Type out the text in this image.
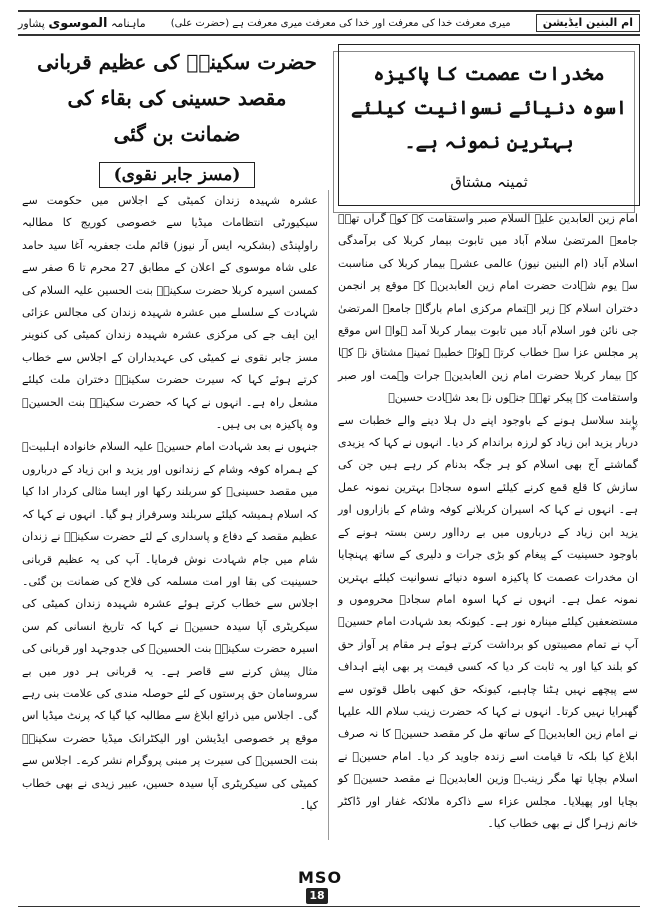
ام البنین ایڈیشن
میری معرفت خدا کی معرفت اور خدا کی معرفت میری معرفت ہے (حضرت علی)
ماہنامہ الموسوی پشاور
مخدرات عصمت کا پاکیزہ اسوہ دنیائے نسوانیت کیلئے بہترین نمونہ ہے۔
ثمینہ مشتاق
حضرت سکینہؑ کی عظیم قربانی مقصد حسینی کی بقاء کی ضمانت بن گئی
(مسز جابر نقوی)

امام زین العابدین علیہ السلام صبر واستقامت کے کوہ گراں تھے۔ جامعۃ المرتضیٰ سلام آباد میں تابوت بیمار کربلا کی برآمدگی اسلام آباد (ام البنین نیوز) عالمی عشرہ بیمار کربلا کی مناسبت سے یوم شہادت حضرت امام زین العابدینؑ کے موقع پر انجمن دختران اسلام کے زیر اہتمام مرکزی امام بارگاہ جامعۃ المرتضیٰ جی نائن فور اسلام آباد میں تابوت بیمار کربلا آمد ہوا۔ اس موقع پر مجلس عزا سے خطاب کرتے ہوئے خطیبہ ثمینہ مشتاق نے کہا کہ بیمار کربلا حضرت امام زین العابدینؑ جرات وہمت اور صبر واستقامت کے پیکر تھے۔ جنہوں نے بعد شہادت حسینؑ

پابند سلاسل ہونے کے باوجود اپنے دل ہلا دینے والے خطبات سے دربار یزید ابن زیاد کو لرزہ براندام کر دیا۔ انہوں نے کہا کہ یزیدی گماشتے آج بھی اسلام کو ہر جگہ بدنام کر رہے ہیں جن کی سازش کا قلع قمع کرنے کیلئے اسوہ سجادؑ بہترین نمونہ عمل ہے۔ انہوں نے کہا کہ اسیران کربلانے کوفہ وشام کے بازاروں اور یزید ابن زیاد کے درباروں میں بے ردااور رسن بستہ ہونے کے باوجود حسینیت کے پیغام کو بڑی جرات و دلیری کے ساتھ پہنچایا ان مخدرات عصمت کا پاکیزہ اسوہ دنیائے نسوانیت کیلئے بہترین نمونہ عمل ہے۔ انہوں نے کہا اسوہ امام سجادؑ محروموں و مستضعفین کیلئے مینارہ نور ہے۔ کیونکہ بعد شہادت امام حسینؑ آپ نے تمام مصیبتوں کو برداشت کرتے ہوئے ہر مقام پر آواز حق کو بلند کیا اور یہ ثابت کر دیا کہ کسی قیمت پر بھی اپنے اہداف سے پیچھے نہیں ہٹنا چاہیے، کیونکہ حق کبھی باطل قوتوں سے گھبرایا نہیں کرتا۔ انہوں نے کہا کہ حضرت زینب سلام اللہ علیہا نے امام زین العابدینؑ کے ساتھ مل کر مقصد حسینؑ کا نہ صرف ابلاغ کیا بلکہ تا قیامت اسے زندہ جاوید کر دیا۔ امام حسینؑ نے اسلام بچایا تھا مگر زینبؑ وزین العابدینؑ نے مقصد حسینؑ کو بچایا اور پھیلایا۔ مجلس عزاء سے ذاکرہ ملائکہ غفار اور ڈاکٹر خانم زہرا گل نے بھی خطاب کیا۔

*

عشرہ شہیدہ زندان کمیٹی کے اجلاس میں حکومت سے سیکیورٹی انتظامات میڈیا سے خصوصی کوریج کا مطالبہ راولپنڈی (بشکریہ ایس آر نیوز) قائم ملت جعفریہ آغا سید حامد علی شاہ موسوی کے اعلان کے مطابق 27 محرم تا 6 صفر سے کمسن اسیرہ کربلا حضرت سکینہؑ بنت الحسین علیہ السلام کی شہادت کے سلسلے میں عشرہ شہیدہ زندان کی مجالس عزائی این ایف جے کی مرکزی عشرہ شہیدہ زندان کمیٹی کی کنوینر مسز جابر نقوی نے کمیٹی کی عہدیداران کے اجلاس سے خطاب کرتے ہوئے کہا کہ سیرت حضرت سکینہؑ دختران ملت کیلئے مشعل راہ ہے۔ انہوں نے کہا کہ حضرت سکینہؑ بنت الحسینؑ وہ پاکیزہ بی بی ہیں۔

جنہوں نے بعد شہادت امام حسینؑ علیہ السلام خانوادہ اہلبیتؑ کے ہمراہ کوفہ وشام کے زندانوں اور یزید و ابن زیاد کے درباروں میں مقصد حسینیؑ کو سربلند رکھا اور ایسا مثالی کردار ادا کیا کہ اسلام ہمیشہ کیلئے سربلند وسرفراز ہو گیا۔ انہوں نے کہا کہ عظیم مقصد کے دفاع و پاسداری کے لئے حضرت سکینہؑ نے زندان شام میں جام شہادت نوش فرمایا۔ آپ کی یہ عظیم قربانی حسینیت کی بقا اور امت مسلمہ کی فلاح کی ضمانت بن گئی۔ اجلاس سے خطاب کرتے ہوئے عشرہ شہیدہ زندان کمیٹی کی سیکریٹری آپا سیدہ حسینؑ نے کہا کہ تاریخ انسانی کم سن اسیرہ حضرت سکینہؑ بنت الحسینؑ کی جدوجہد اور قربانی کی مثال پیش کرنے سے قاصر ہے۔ یہ قربانی ہر دور میں بے سروسامان حق پرستوں کے لئے حوصلہ مندی کی علامت بنی رہے گی۔ اجلاس میں ذرائع ابلاغ سے مطالبہ کیا گیا کہ پرنٹ میڈیا اس موقع پر خصوصی ایڈیشن اور الیکٹرانک میڈیا حضرت سکینہؑ بنت الحسینؑ کی سیرت پر مبنی پروگرام نشر کرے۔ اجلاس سے کمیٹی کی سیکریٹری آپا سیدہ حسین، عبیر زیدی نے بھی خطاب کیا۔

MSO
18
